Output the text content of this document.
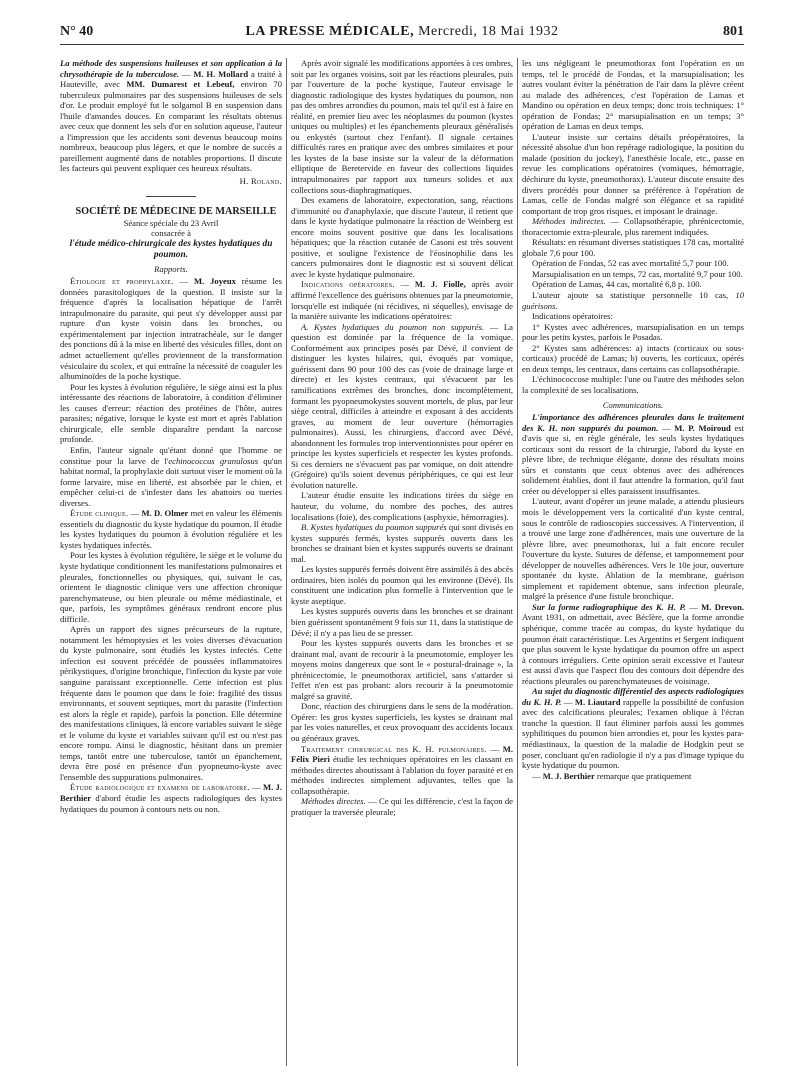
N° 40	LA PRESSE MÉDICALE, Mercredi, 18 Mai 1932	801

La méthode des suspensions huileuses et son application à la chrysothérapie de la tuberculose. — M. H. Mollard a traité à Hauteville, avec MM. Dumarest et Lebeuf, environ 70 tuberculeux pulmonaires par des suspensions huileuses de sels d'or. Le produit employé fut le solgamol B en suspension dans l'huile d'amandes douces. En comparant les résultats obtenus avec ceux que donnent les sels d'or en solution aqueuse, l'auteur a l'impression que les accidents sont devenus beaucoup moins nombreux, beaucoup plus légers, et que le nombre de succès a pareillement augmenté dans de notables proportions. Il discute les facteurs qui peuvent expliquer ces heureux résultats.

H. Roland.

SOCIÉTÉ DE MÉDECINE DE MARSEILLE

Séance spéciale du 23 Avril

consacrée à

l'étude médico-chirurgicale des kystes hydatiques du poumon.

Rapports.

Étiologie et prophylaxie. — M. Joyeux résume les données parasitologiques de la question. Il insiste sur la fréquence d'après la localisation hépatique de l'arrêt intrapulmonaire du parasite, qui peut s'y développer aussi par rupture d'un kyste voisin dans les bronches, ou expérimentalement par injection intratrachéale, sur le danger des ponctions dû à la mise en liberté des vésicules filles, dont on admet actuellement qu'elles proviennent de la transformation vésiculaire du scolex, et qui entraîne la nécessité de coaguler les albuminoïdes de la poche kystique.

Pour les kystes à évolution régulière, le siège ainsi est la plus intéressante des réactions de laboratoire, à condition d'éliminer les causes d'erreur: réaction des protéines de l'hôte, autres parasites; négative, lorsque le kyste est mort et après l'ablation chirurgicale, elle semble disparaître pendant la narcose profonde.

Enfin, l'auteur signale qu'étant donné que l'homme ne constitue pour la larve de l'echinococcus granulosus qu'un habitat normal, la prophylaxie doit surtout viser le moment où la forme larvaire, mise en liberté, est absorbée par le chien, et empêcher celui-ci de s'infester dans les abattoirs ou tueries diverses.

Étude clinique. — M. D. Olmer met en valeur les éléments essentiels du diagnostic du kyste hydatique du poumon. Il étudie les kystes hydatiques du poumon à évolution régulière et les kystes hydatiques infectés.

Pour les kystes à évolution régulière, le siège et le volume du kyste hydatique conditionnent les manifestations pulmonaires et pleurales, fonctionnelles ou physiques, qui, suivant le cas, orientent le diagnostic clinique vers une affection chronique parenchymateuse, ou bien pleurale ou même médiastinale, et que, parfois, les symptômes généraux rendront encore plus difficile.

Après un rapport des signes précurseurs de la rupture, notamment les hémoptysies et les voies diverses d'évacuation du kyste pulmonaire, sont étudiés les kystes infectés. Cette infection est souvent précédée de poussées inflammatoires périkystiques, d'origine bronchique, l'infection du kyste par voie sanguine paraissant exceptionnelle. Cette infection est plus fréquente dans le poumon que dans le foie: fragilité des tissus environnants, et souvent septiques, mort du parasite (l'infection est alors la règle et rapide), parfois la ponction. Elle détermine des manifestations cliniques, là encore variables suivant le siège et le volume du kyste et variables suivant qu'il est ou n'est pas encore rompu. Ainsi le diagnostic, hésitant dans un premier temps, tantôt entre une tuberculose, tantôt un épanchement, devra être posé en présence d'un pyopneumo-kyste avec l'ensemble des suppurations pulmonaires.

Étude radiologique et examens de laboratoire. — M. J. Berthier d'abord étudie les aspects radiologiques des kystes hydatiques du poumon à contours nets ou non.

Après avoir signalé les modifications apportées à ces ombres, soit par les organes voisins, soit par les réactions pleurales, puis par l'ouverture de la poche kystique, l'auteur envisage le diagnostic radiologique des kystes hydatiques du poumon, non pas des ombres arrondies du poumon, mais tel qu'il est à faire en réalité, en premier lieu avec les néoplasmes du poumon (kystes uniques ou multiples) et les épanchements pleuraux généralisés ou enkystés (surtout chez l'enfant). Il signale certaines difficultés rares en pratique avec des ombres similaires et pour les kystes de la base insiste sur la valeur de la déformation elliptique de Beretervide en faveur des collections liquides intrapulmonaires par rapport aux tumeurs solides et aux collections sous-diaphragmatiques.

Des examens de laboratoire, expectoration, sang, réactions d'immunité ou d'anaphylaxie, que discute l'auteur, il retient que dans le kyste hydatique pulmonaire la réaction de Weinberg est encore moins souvent positive que dans les localisations hépatiques; que la réaction cutanée de Casoni est très souvent positive, et souligne l'existence de l'éosinophilie dans les cancers pulmonaires dont le diagnostic est si souvent délicat avec le kyste hydatique pulmonaire.

Indications opératoires. — M. J. Fiolle, après avoir affirmé l'excellence des guérisons obtenues par la pneumotomie, lorsqu'elle est indiquée (ni récidives, ni séquelles), envisage de la manière suivante les indications opératoires:

A. Kystes hydatiques du poumon non suppurés. — La question est dominée par la fréquence de la vomique. Conformément aux principes posés par Dévé, il convient de distinguer les kystes hilaires, qui, évoqués par vomique, guérissent dans 90 pour 100 des cas (voie de drainage large et directe) et les kystes centraux, qui s'évacuent par les ramifications extrêmes des bronches, donc incomplètement, formant les pyopneumokystes souvent mortels, de plus, par leur siège central, difficiles à atteindre et exposant à des accidents graves, au moment de leur ouverture (hémorragies pulmonaires). Aussi, les chirurgiens, d'accord avec Dévé, abandonnent les formules trop interventionnistes pour opérer en principe les kystes superficiels et respecter les kystes profonds. Si ces derniers ne s'évacuent pas par vomique, on doit attendre (Grégoire) qu'ils soient devenus périphériques, ce qui est leur évolution naturelle.

L'auteur étudie ensuite les indications tirées du siège en hauteur, du volume, du nombre des poches, des autres localisations (foie), des complications (asphyxie, hémorragies).

B. Kystes hydatiques du poumon suppurés qui sont divisés en kystes suppurés fermés, kystes suppurés ouverts dans les bronches se drainant bien et kystes suppurés ouverts se drainant mal.

Les kystes suppurés fermés doivent être assimilés à des abcès ordinaires, bien isolés du poumon qui les environne (Dévé). Ils constituent une indication plus formelle à l'intervention que le kyste aseptique.

Les kystes suppurés ouverts dans les bronches et se drainant bien guérissent spontanément 9 fois sur 11, dans la statistique de Dévé; il n'y a pas lieu de se presser.

Pour les kystes suppurés ouverts dans les bronches et se drainant mal, avant de recourir à la pneumotomie, employer les moyens moins dangereux que sont le « postural-drainage », la phrénicectomie, le pneumothorax artificiel, sans s'attarder si l'effet n'en est pas probant: alors recourir à la pneumotomie malgré sa gravité.

Donc, réaction des chirurgiens dans le sens de la modération. Opérer: les gros kystes superficiels, les kystes se drainant mal par les voies naturelles, et ceux provoquant des accidents locaux ou généraux graves.

Traitement chirurgical des K. H. pulmonaires. — M. Félix Pieri étudie les techniques opératoires en les classant en méthodes directes aboutissant à l'ablation du foyer parasité et en méthodes indirectes simplement adjuvantes, telles que la collapsothérapie.

Méthodes directes. — Ce qui les différencie, c'est la façon de pratiquer la traversée pleurale;

les uns négligeant le pneumothorax font l'opération en un temps, tel le procédé de Fondas, et la marsupialisation; les autres voulant éviter la pénétration de l'air dans la plèvre créent au malade des adhérences, c'est l'opération de Lamas et Mandino ou opération en deux temps; donc trois techniques: 1° opération de Fondas; 2° marsupialisation en un temps; 3° opération de Lamas en deux temps.

L'auteur insiste sur certains détails préopératoires, la nécessité absolue d'un bon repérage radiologique, la position du malade (position du jockey), l'anesthésie locale, etc., passe en revue les complications opératoires (vomiques, hémorragie, déchirure du kyste, pneumothorax). L'auteur discute ensuite des divers procédés pour donner sa préférence à l'opération de Lamas, celle de Fondas malgré son élégance et sa rapidité comportant de trop gros risques, et imposant le drainage.

Méthodes indirectes. — Collapsothérapie, phrénicectomie, thoracectomie extra-pleurale, plus rarement indiquées.

Résultats: en résumant diverses statistiques 178 cas, mortalité globale 7,6 pour 100.

Opération de Fondas, 52 cas avec mortalité 5,7 pour 100.

Marsupialisation en un temps, 72 cas, mortalité 9,7 pour 100.

Opération de Lamas, 44 cas, mortalité 6,8 p. 100.

L'auteur ajoute sa statistique personnelle 10 cas, 10 guérisons.

Indications opératoires:

1° Kystes avec adhérences, marsupialisation en un temps pour les petits kystes, parfois le Posadas.

2° Kystes sans adhérences: a) intacts (corticaux ou sous-corticaux) procédé de Lamas; b) ouverts, les corticaux, opérés en deux temps, les centraux, dans certains cas collapsothérapie.

L'échinococcose multiple: l'une ou l'autre des méthodes selon la complexité de ses localisations.

Communications.

L'importance des adhérences pleurales dans le traitement des K. H. non suppurés du poumon. — M. P. Moiroud est d'avis que si, en règle générale, les seuls kystes hydatiques corticaux sont du ressort de la chirurgie, l'abord du kyste en plèvre libre, de technique élégante, donne des résultats moins sûrs et constants que ceux obtenus avec des adhérences solidement établies, dont il faut attendre la formation, qu'il faut créer ou développer si elles paraissent insuffisantes.

L'auteur, avant d'opérer un jeune malade, a attendu plusieurs mois le développement vers la corticalité d'un kyste central, sous le contrôle de radioscopies successives. A l'intervention, il a trouvé une large zone d'adhérences, mais une ouverture de la plèvre libre, avec pneumothorax, lui a fait encore reculer l'ouverture du kyste. Sutures de défense, et tamponnement pour développer de nouvelles adhérences. Vers le 10e jour, ouverture spontanée du kyste. Ablation de la membrane, guérison simplement et rapidement obtenue, sans infection pleurale, malgré la présence d'une fistule bronchique.

Sur la forme radiographique des K. H. P. — M. Drevon. Avant 1931, on admettait, avec Béclère, que la forme arrondie sphérique, comme tracée au compas, du kyste hydatique du poumon était caractéristique. Les Argentins et Sergent indiquent que plus souvent le kyste hydatique du poumon offre un aspect à contours irréguliers. Cette opinion serait excessive et l'auteur est aussi d'avis que l'aspect flou des contours doit dépendre des réactions pleurales ou parenchymateuses de voisinage.

Au sujet du diagnostic différentiel des aspects radiologiques du K. H. P. — M. Liautard rappelle la possibilité de confusion avec des calcifications pleurales; l'examen oblique à l'écran tranche la question. Il faut éliminer parfois aussi les gommes syphilitiques du poumon bien arrondies et, pour les kystes para-médiastinaux, la question de la maladie de Hodgkin peut se poser, concluant qu'en radiologie il n'y a pas d'image typique du kyste hydatique du poumon.

— M. J. Berthier remarque que pratiquement
